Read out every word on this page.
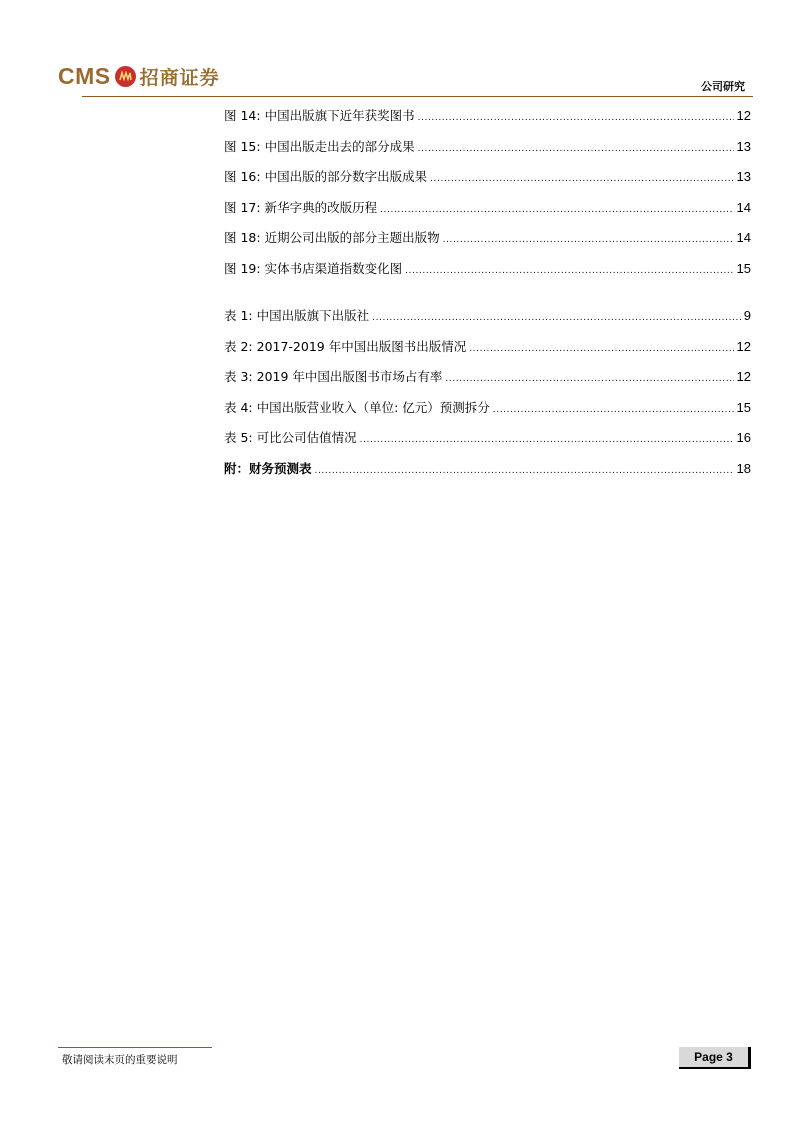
CMS 招商证券	公司研究
图 14: 中国出版旗下近年获奖图书 .....	12
图 15: 中国出版走出去的部分成果 .....	13
图 16: 中国出版的部分数字出版成果 .....	13
图 17: 新华字典的改版历程 .....	14
图 18: 近期公司出版的部分主题出版物 .....	14
图 19: 实体书店渠道指数变化图 .....	15
表 1: 中国出版旗下出版社 .....	9
表 2: 2017-2019 年中国出版图书出版情况 .....	12
表 3: 2019 年中国出版图书市场占有率 .....	12
表 4: 中国出版营业收入（单位: 亿元）预测拆分 .....	15
表 5: 可比公司估值情况 .....	16
附：财务预测表 .....	18
敬请阅读末页的重要说明	Page 3
